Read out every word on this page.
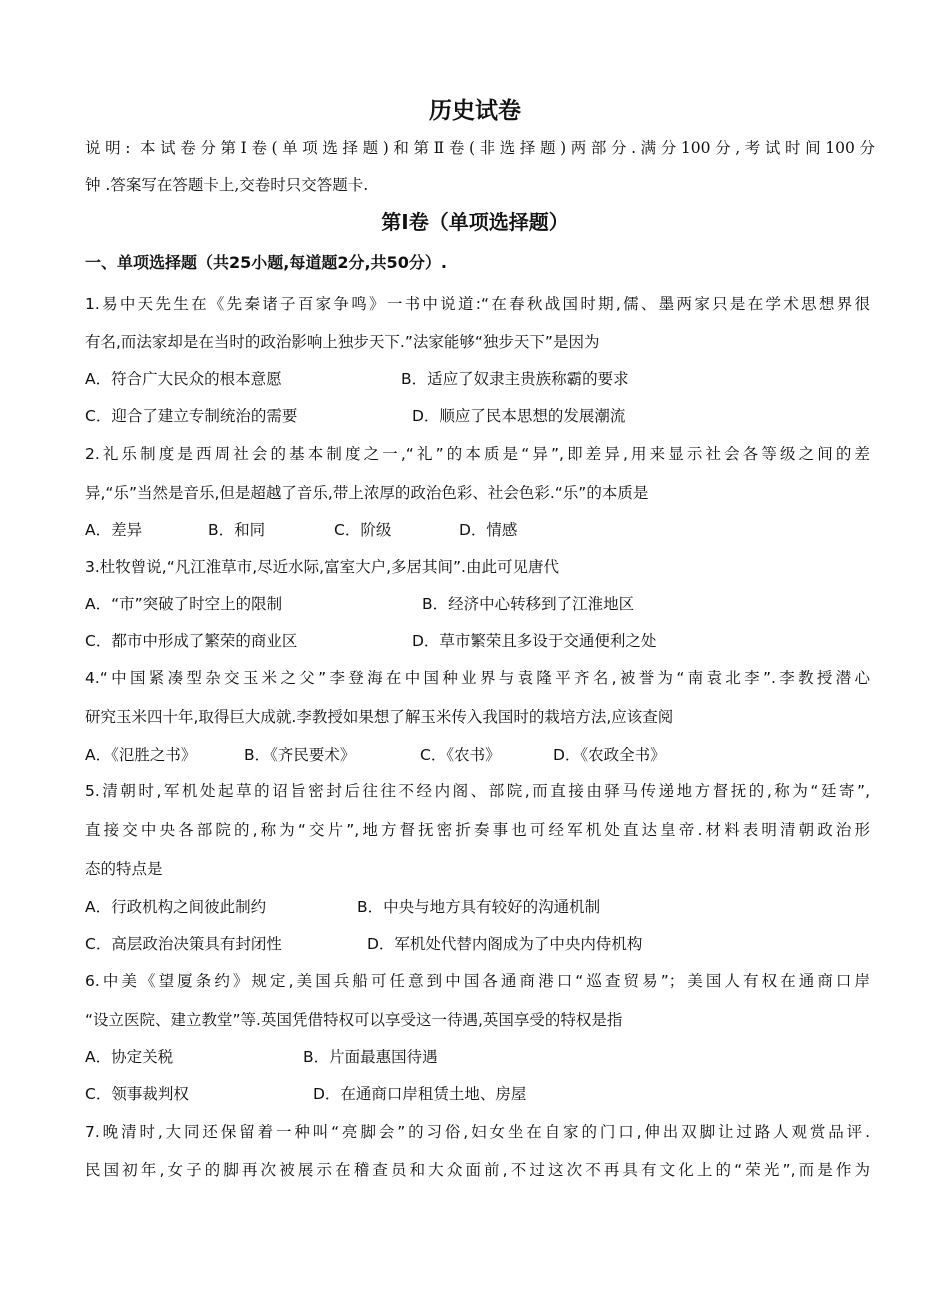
历史试卷
说明: 本试卷分第Ⅰ卷(单项选择题)和第Ⅱ卷(非选择题)两部分.满分100分,考试时间100分
钟 .答案写在答题卡上,交卷时只交答题卡.
第Ⅰ卷（单项选择题）
一、单项选择题（共25小题,每道题2分,共50分）.
1.易中天先生在《先秦诸子百家争鸣》一书中说道:“在春秋战国时期,儒、墨两家只是在学术思想界很
有名,而法家却是在当时的政治影响上独步天下.”法家能够“独步天下”是因为
A．符合广大民众的根本意愿	B．适应了奴隶主贵族称霸的要求
C．迎合了建立专制统治的需要	D．顺应了民本思想的发展潮流
2.礼乐制度是西周社会的基本制度之一,“礼”的本质是“异”,即差异,用来显示社会各等级之间的差
异,“乐”当然是音乐,但是超越了音乐,带上浓厚的政治色彩、社会色彩.“乐”的本质是
A．差异	B．和同	C．阶级	D．情感
3.杜牧曾说,“凡江淮草市,尽近水际,富室大户,多居其间”.由此可见唐代
A．“市”突破了时空上的限制	B．经济中心转移到了江淮地区
C．都市中形成了繁荣的商业区	D．草市繁荣且多设于交通便利之处
4.“中国紧凑型杂交玉米之父”李登海在中国种业界与袁隆平齐名,被誉为“南袁北李”.李教授潜心
研究玉米四十年,取得巨大成就.李教授如果想了解玉米传入我国时的栽培方法,应该查阅
A．《氾胜之书》	B．《齐民要术》	C．《农书》	D．《农政全书》
5.清朝时,军机处起草的诏旨密封后往往不经内阁、部院,而直接由驿马传递地方督抚的,称为“廷寄”,
直接交中央各部院的,称为“交片”,地方督抚密折奏事也可经军机处直达皇帝.材料表明清朝政治形
态的特点是
A．行政机构之间彼此制约	B．中央与地方具有较好的沟通机制
C．高层政治决策具有封闭性	D．军机处代替内阁成为了中央内侍机构
6.中美《望厦条约》规定,美国兵船可任意到中国各通商港口“巡查贸易”；美国人有权在通商口岸
“设立医院、建立教堂”等.英国凭借特权可以享受这一待遇,英国享受的特权是指
A．协定关税	B．片面最惠国待遇
C．领事裁判权	D．在通商口岸租赁土地、房屋
7.晚清时,大同还保留着一种叫“亮脚会”的习俗,妇女坐在自家的门口,伸出双脚让过路人观赏品评.
民国初年,女子的脚再次被展示在稽查员和大众面前,不过这次不再具有文化上的“荣光”,而是作为
